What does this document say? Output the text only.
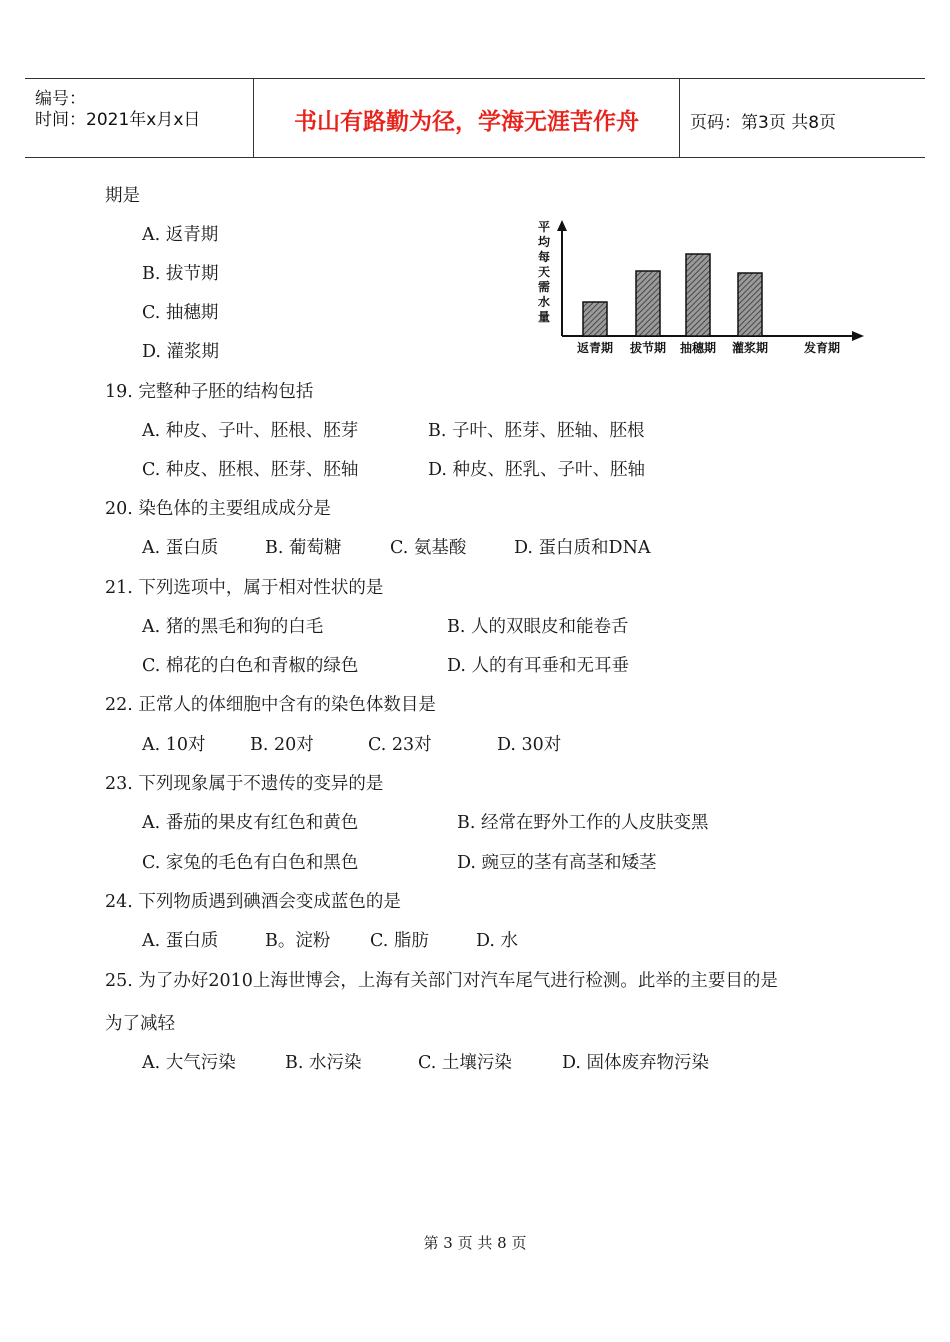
编号：
时间：2021年x月x日	书山有路勤为径，学海无涯苦作舟	页码：第3页 共8页
期是
A. 返青期
B. 拔节期
C. 抽穗期
D. 灌浆期
平
均
每
天
需
水
量
返青期 拔节期 抽穗期 灌浆期	发育期
19. 完整种子胚的结构包括
A. 种皮、子叶、胚根、胚芽	B. 子叶、胚芽、胚轴、胚根
C. 种皮、胚根、胚芽、胚轴	D. 种皮、胚乳、子叶、胚轴
20. 染色体的主要组成成分是
A. 蛋白质	B. 葡萄糖	C. 氨基酸	D. 蛋白质和DNA
21. 下列选项中，属于相对性状的是
A. 猪的黑毛和狗的白毛	B. 人的双眼皮和能卷舌
C. 棉花的白色和青椒的绿色	D. 人的有耳垂和无耳垂
22. 正常人的体细胞中含有的染色体数目是
A. 10对	B. 20对	C. 23对	D. 30对
23. 下列现象属于不遗传的变异的是
A. 番茄的果皮有红色和黄色	B. 经常在野外工作的人皮肤变黑
C. 家兔的毛色有白色和黑色	D. 豌豆的茎有高茎和矮茎
24. 下列物质遇到碘酒会变成蓝色的是
A. 蛋白质	B。淀粉 C. 脂肪	D. 水
25. 为了办好2010上海世博会，上海有关部门对汽车尾气进行检测。此举的主要目的是
为了减轻
A. 大气污染	B. 水污染	C. 土壤污染	D. 固体废弃物污染
第 3 页 共 8 页
